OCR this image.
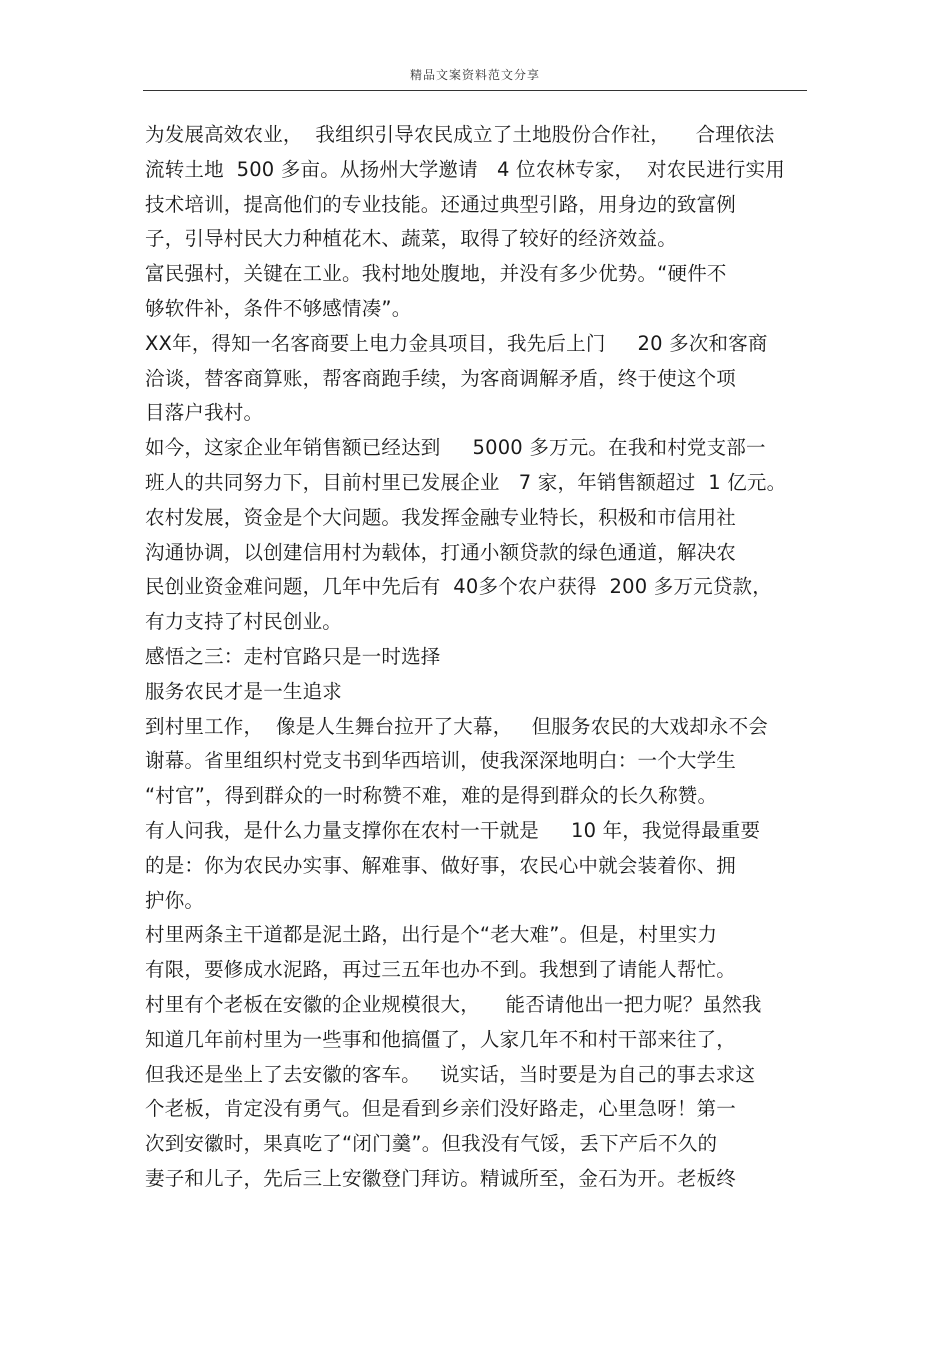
精品文案资料范文分享
为发展高效农业，  我组织引导农民成立了土地股份合作社，    合理依法
流转土地  500 多亩。从扬州大学邀请   4 位农林专家，  对农民进行实用
技术培训，提高他们的专业技能。还通过典型引路，用身边的致富例
子，引导村民大力种植花木、蔬菜，取得了较好的经济效益。
富民强村，关键在工业。我村地处腹地，并没有多少优势。“硬件不
够软件补，条件不够感情凑”。
XX年，得知一名客商要上电力金具项目，我先后上门     20 多次和客商
洽谈，替客商算账，帮客商跑手续，为客商调解矛盾，终于使这个项
目落户我村。
如今，这家企业年销售额已经达到     5000 多万元。在我和村党支部一
班人的共同努力下，目前村里已发展企业   7 家，年销售额超过  1 亿元。
农村发展，资金是个大问题。我发挥金融专业特长，积极和市信用社
沟通协调，以创建信用村为载体，打通小额贷款的绿色通道，解决农
民创业资金难问题，几年中先后有  40多个农户获得  200 多万元贷款，
有力支持了村民创业。
感悟之三：走村官路只是一时选择
服务农民才是一生追求
到村里工作，  像是人生舞台拉开了大幕，   但服务农民的大戏却永不会
谢幕。省里组织村党支书到华西培训，使我深深地明白：一个大学生
“村官”，得到群众的一时称赞不难，难的是得到群众的长久称赞。
有人问我，是什么力量支撑你在农村一干就是     10 年，我觉得最重要
的是：你为农民办实事、解难事、做好事，农民心中就会装着你、拥
护你。
村里两条主干道都是泥土路，出行是个“老大难”。但是，村里实力
有限，要修成水泥路，再过三五年也办不到。我想到了请能人帮忙。
村里有个老板在安徽的企业规模很大，    能否请他出一把力呢？虽然我
知道几年前村里为一些事和他搞僵了，人家几年不和村干部来往了，
但我还是坐上了去安徽的客车。   说实话，当时要是为自己的事去求这
个老板，肯定没有勇气。但是看到乡亲们没好路走，心里急呀！第一
次到安徽时，果真吃了“闭门羹”。但我没有气馁，丢下产后不久的
妻子和儿子，先后三上安徽登门拜访。精诚所至，金石为开。老板终
